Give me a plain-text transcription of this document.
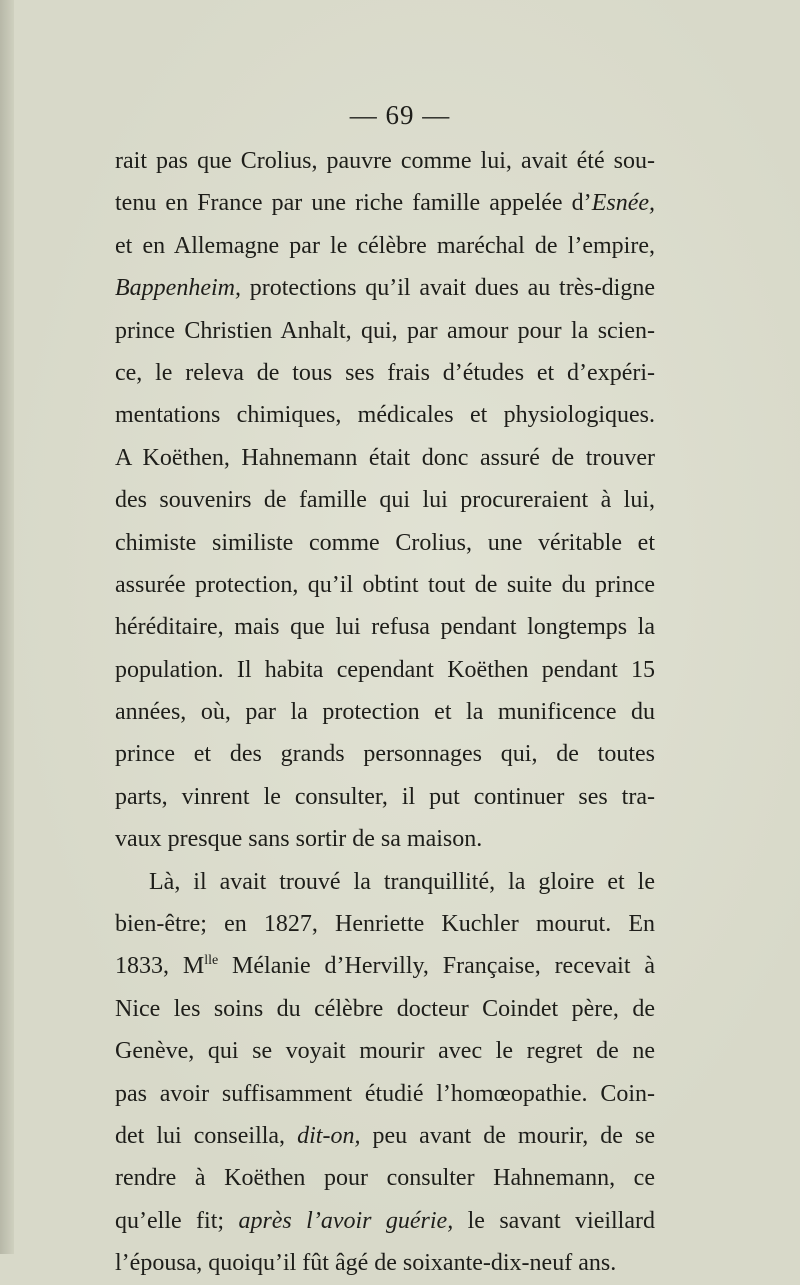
— 69 —
rait pas que Crolius, pauvre comme lui, avait été sou-
tenu en France par une riche famille appelée d’Esnée,
et en Allemagne par le célèbre maréchal de l’empire,
Bappenheim, protections qu’il avait dues au très-digne
prince Christien Anhalt, qui, par amour pour la scien-
ce, le releva de tous ses frais d’études et d’expéri-
mentations chimiques, médicales et physiologiques.
A Koëthen, Hahnemann était donc assuré de trouver
des souvenirs de famille qui lui procureraient à lui,
chimiste similiste comme Crolius, une véritable et
assurée protection, qu’il obtint tout de suite du prince
héréditaire, mais que lui refusa pendant longtemps la
population. Il habita cependant Koëthen pendant 15
années, où, par la protection et la munificence du
prince et des grands personnages qui, de toutes
parts, vinrent le consulter, il put continuer ses tra-
vaux presque sans sortir de sa maison.
Là, il avait trouvé la tranquillité, la gloire et le
bien-être; en 1827, Henriette Kuchler mourut. En
1833, $M^{lle}$ Mélanie d’Hervilly, Française, recevait à
Nice les soins du célèbre docteur Coindet père, de
Genève, qui se voyait mourir avec le regret de ne
pas avoir suffisamment étudié l’homœopathie. Coin-
det lui conseilla, dit-on, peu avant de mourir, de se
rendre à Koëthen pour consulter Hahnemann, ce
qu’elle fit; après l’avoir guérie, le savant vieillard
l’épousa, quoiqu’il fût âgé de soixante-dix-neuf ans.
